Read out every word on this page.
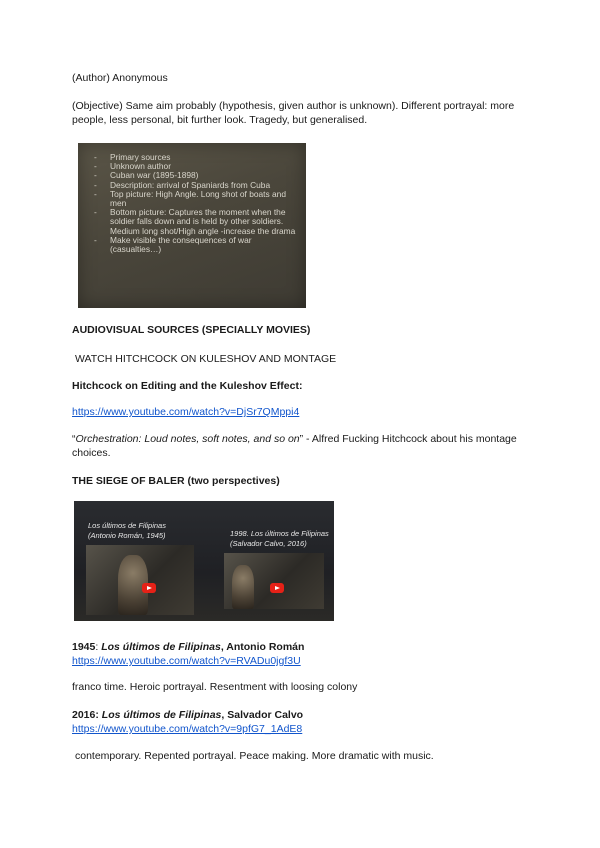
(Author) Anonymous
(Objective) Same aim probably (hypothesis, given author is unknown). Different portrayal: more people, less personal, bit further look. Tragedy, but generalised.
- Primary sources
- Unknown author
- Cuban war (1895-1898)
- Description: arrival of Spaniards from Cuba
- Top picture: High Angle. Long shot of boats and men
- Bottom picture: Captures the moment when the soldier falls down and is held by other soldiers.
Medium long shot/High angle -increase the drama
- Make visible the consequences of war (casualties…)
AUDIOVISUAL SOURCES (SPECIALLY MOVIES)
WATCH HITCHCOCK ON KULESHOV AND MONTAGE
Hitchcock on Editing and the Kuleshov Effect:
https://www.youtube.com/watch?v=DjSr7QMppi4
“Orchestration: Loud notes, soft notes, and so on” - Alfred Fucking Hitchcock about his montage choices.
THE SIEGE OF BALER (two perspectives)
Los últimos de Filipinas
(Antonio Román, 1945)	1998. Los últimos de Filipinas
(Salvador Calvo, 2016)
1945: Los últimos de Filipinas, Antonio Román
https://www.youtube.com/watch?v=RVADu0jgf3U
franco time. Heroic portrayal. Resentment with loosing colony
2016: Los últimos de Filipinas, Salvador Calvo
https://www.youtube.com/watch?v=9pfG7_1AdE8
contemporary. Repented portrayal. Peace making. More dramatic with music.
